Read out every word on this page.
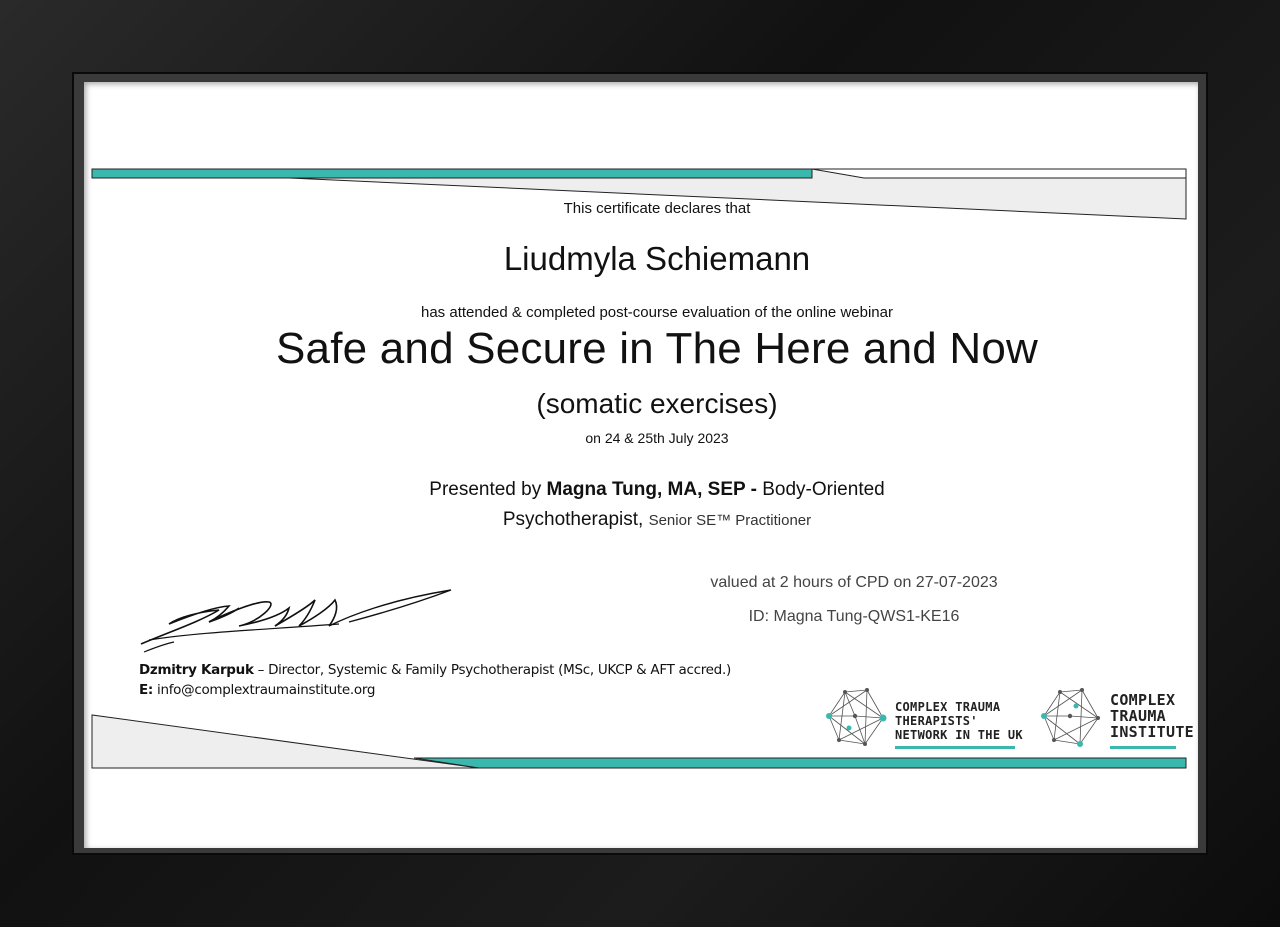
This certificate declares that
Liudmyla Schiemann
has attended & completed post-course evaluation of the online webinar
Safe and Secure in The Here and Now
(somatic exercises)
on 24 & 25th July 2023
Presented by Magna Tung, MA, SEP - Body-Oriented
Psychotherapist, Senior SE™ Practitioner
valued at 2 hours of CPD on 27-07-2023
ID: Magna Tung-QWS1-KE16
Dzmitry Karpuk – Director, Systemic & Family Psychotherapist (MSc, UKCP & AFT accred.)
E: info@complextraumainstitute.org
COMPLEX TRAUMA
THERAPISTS'
NETWORK IN THE UK
COMPLEX
TRAUMA
INSTITUTE
